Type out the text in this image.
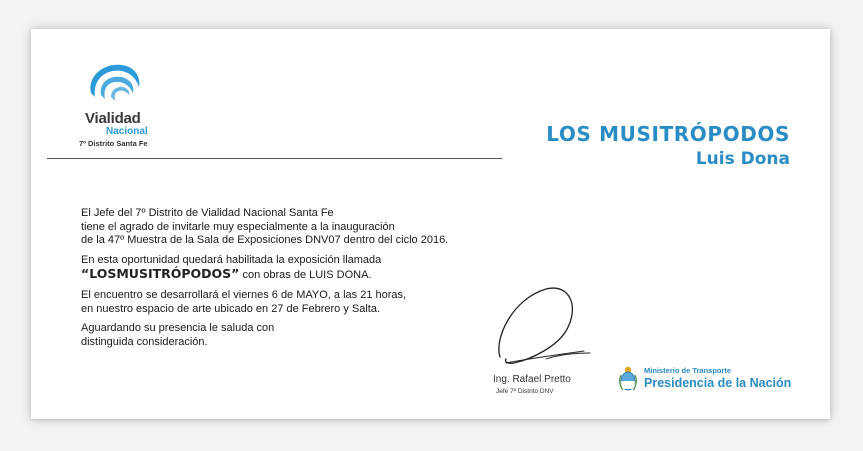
Vialidad
Nacional
7º Distrito Santa Fe	LOS MUSITRÓPODOS
Luis Dona

El Jefe del 7º Distrito de Vialidad Nacional Santa Fe
tiene el agrado de invitarle muy especialmente a la inauguración
de la 47º Muestra de la Sala de Exposiciones DNV07 dentro del ciclo 2016.

En esta oportunidad quedará habilitada la exposición llamada
“LOSMUSITRÓPODOS” con obras de LUIS DONA.

El encuentro se desarrollará el viernes 6 de MAYO, a las 21 horas,
en nuestro espacio de arte ubicado en 27 de Febrero y Salta.

Aguardando su presencia le saluda con
distinguida consideración.

Ing. Rafael Pretto
Jefe 7º Distrito DNV
Ministerio de Transporte
Presidencia de la Nación
